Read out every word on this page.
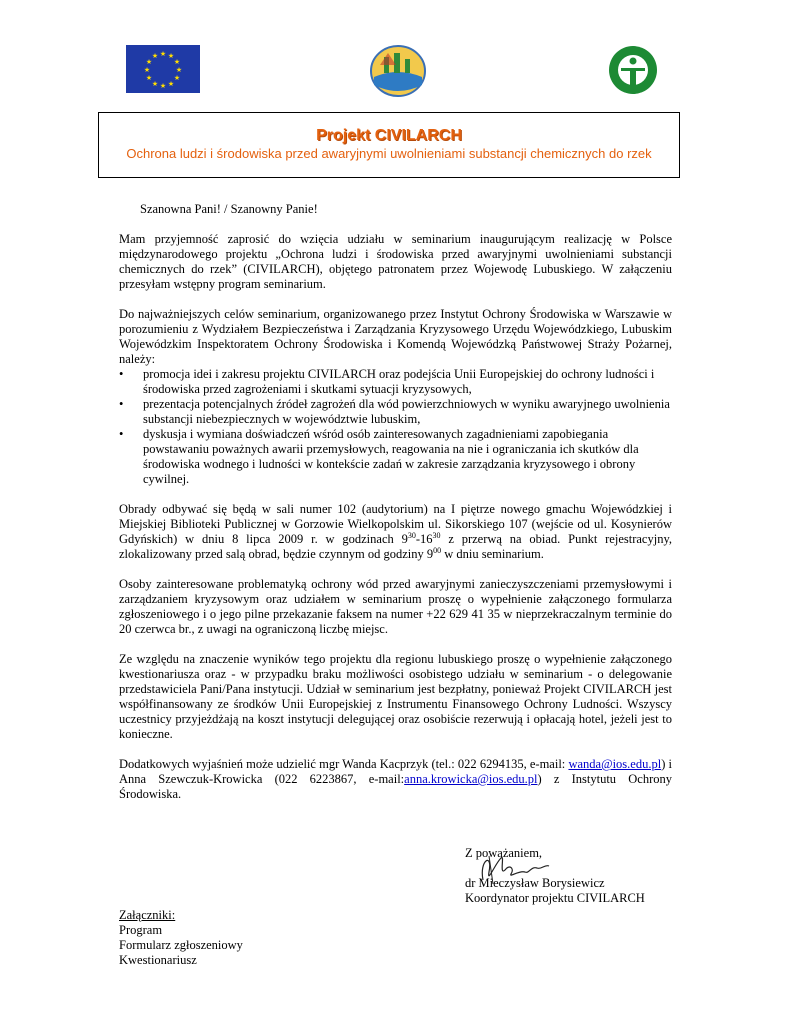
★ ★
★
★
★
★
★
★
★
★
★
★
Projekt CIVILARCH
Ochrona ludzi i środowiska przed awaryjnymi uwolnieniami substancji chemicznych do rzek

Szanowna Pani! / Szanowny Panie!

Mam przyjemność zaprosić do wzięcia udziału w seminarium inaugurującym realizację w Polsce międzynarodowego projektu „Ochrona ludzi i środowiska przed awaryjnymi uwolnieniami substancji chemicznych do rzek” (CIVILARCH), objętego patronatem przez Wojewodę Lubuskiego. W załączeniu przesyłam wstępny program seminarium.

Do najważniejszych celów seminarium, organizowanego przez Instytut Ochrony Środowiska w Warszawie w porozumieniu z Wydziałem Bezpieczeństwa i Zarządzania Kryzysowego Urzędu Wojewódzkiego, Lubuskim Wojewódzkim Inspektoratem Ochrony Środowiska i Komendą Wojewódzką Państwowej Straży Pożarnej, należy:

• promocja idei i zakresu projektu CIVILARCH oraz podejścia Unii Europejskiej do ochrony ludności i środowiska przed zagrożeniami i skutkami sytuacji kryzysowych,
• prezentacja potencjalnych źródeł zagrożeń dla wód powierzchniowych w wyniku awaryjnego uwolnienia substancji niebezpiecznych w województwie lubuskim,
• dyskusja i wymiana doświadczeń wśród osób zainteresowanych zagadnieniami zapobiegania powstawaniu poważnych awarii przemysłowych, reagowania na nie i ograniczania ich skutków dla środowiska wodnego i ludności w kontekście zadań w zakresie zarządzania kryzysowego i obrony cywilnej.

Obrady odbywać się będą w sali numer 102 (audytorium) na I piętrze nowego gmachu Wojewódzkiej i Miejskiej Biblioteki Publicznej w Gorzowie Wielkopolskim ul. Sikorskiego 107 (wejście od ul. Kosynierów Gdyńskich) w dniu 8 lipca 2009 r. w godzinach $9^{30}-16^{30}$ z przerwą na obiad. Punkt rejestracyjny, zlokalizowany przed salą obrad, będzie czynnym od godziny $9^{00}$ w dniu seminarium.

Osoby zainteresowane problematyką ochrony wód przed awaryjnymi zanieczyszczeniami przemysłowymi i zarządzaniem kryzysowym oraz udziałem w seminarium proszę o wypełnienie załączonego formularza zgłoszeniowego i o jego pilne przekazanie faksem na numer +22 629 41 35 w nieprzekraczalnym terminie do 20 czerwca br., z uwagi na ograniczoną liczbę miejsc.

Ze względu na znaczenie wyników tego projektu dla regionu lubuskiego proszę o wypełnienie załączonego kwestionariusza oraz - w przypadku braku możliwości osobistego udziału w seminarium - o delegowanie przedstawiciela Pani/Pana instytucji. Udział w seminarium jest bezpłatny, ponieważ Projekt CIVILARCH jest współfinansowany ze środków Unii Europejskiej z Instrumentu Finansowego Ochrony Ludności. Wszyscy uczestnicy przyjeżdżają na koszt instytucji delegującej oraz osobiście rezerwują i opłacają hotel, jeżeli jest to konieczne.

Dodatkowych wyjaśnień może udzielić mgr Wanda Kacprzyk (tel.: 022 6294135, e-mail: wanda@ios.edu.pl) i Anna Szewczuk-Krowicka (022 6223867, e-mail:anna.krowicka@ios.edu.pl) z Instytutu Ochrony Środowiska.

Z poważaniem,
dr Mieczysław Borysiewicz
Koordynator projektu CIVILARCH
Załączniki:
Program
Formularz zgłoszeniowy
Kwestionariusz
